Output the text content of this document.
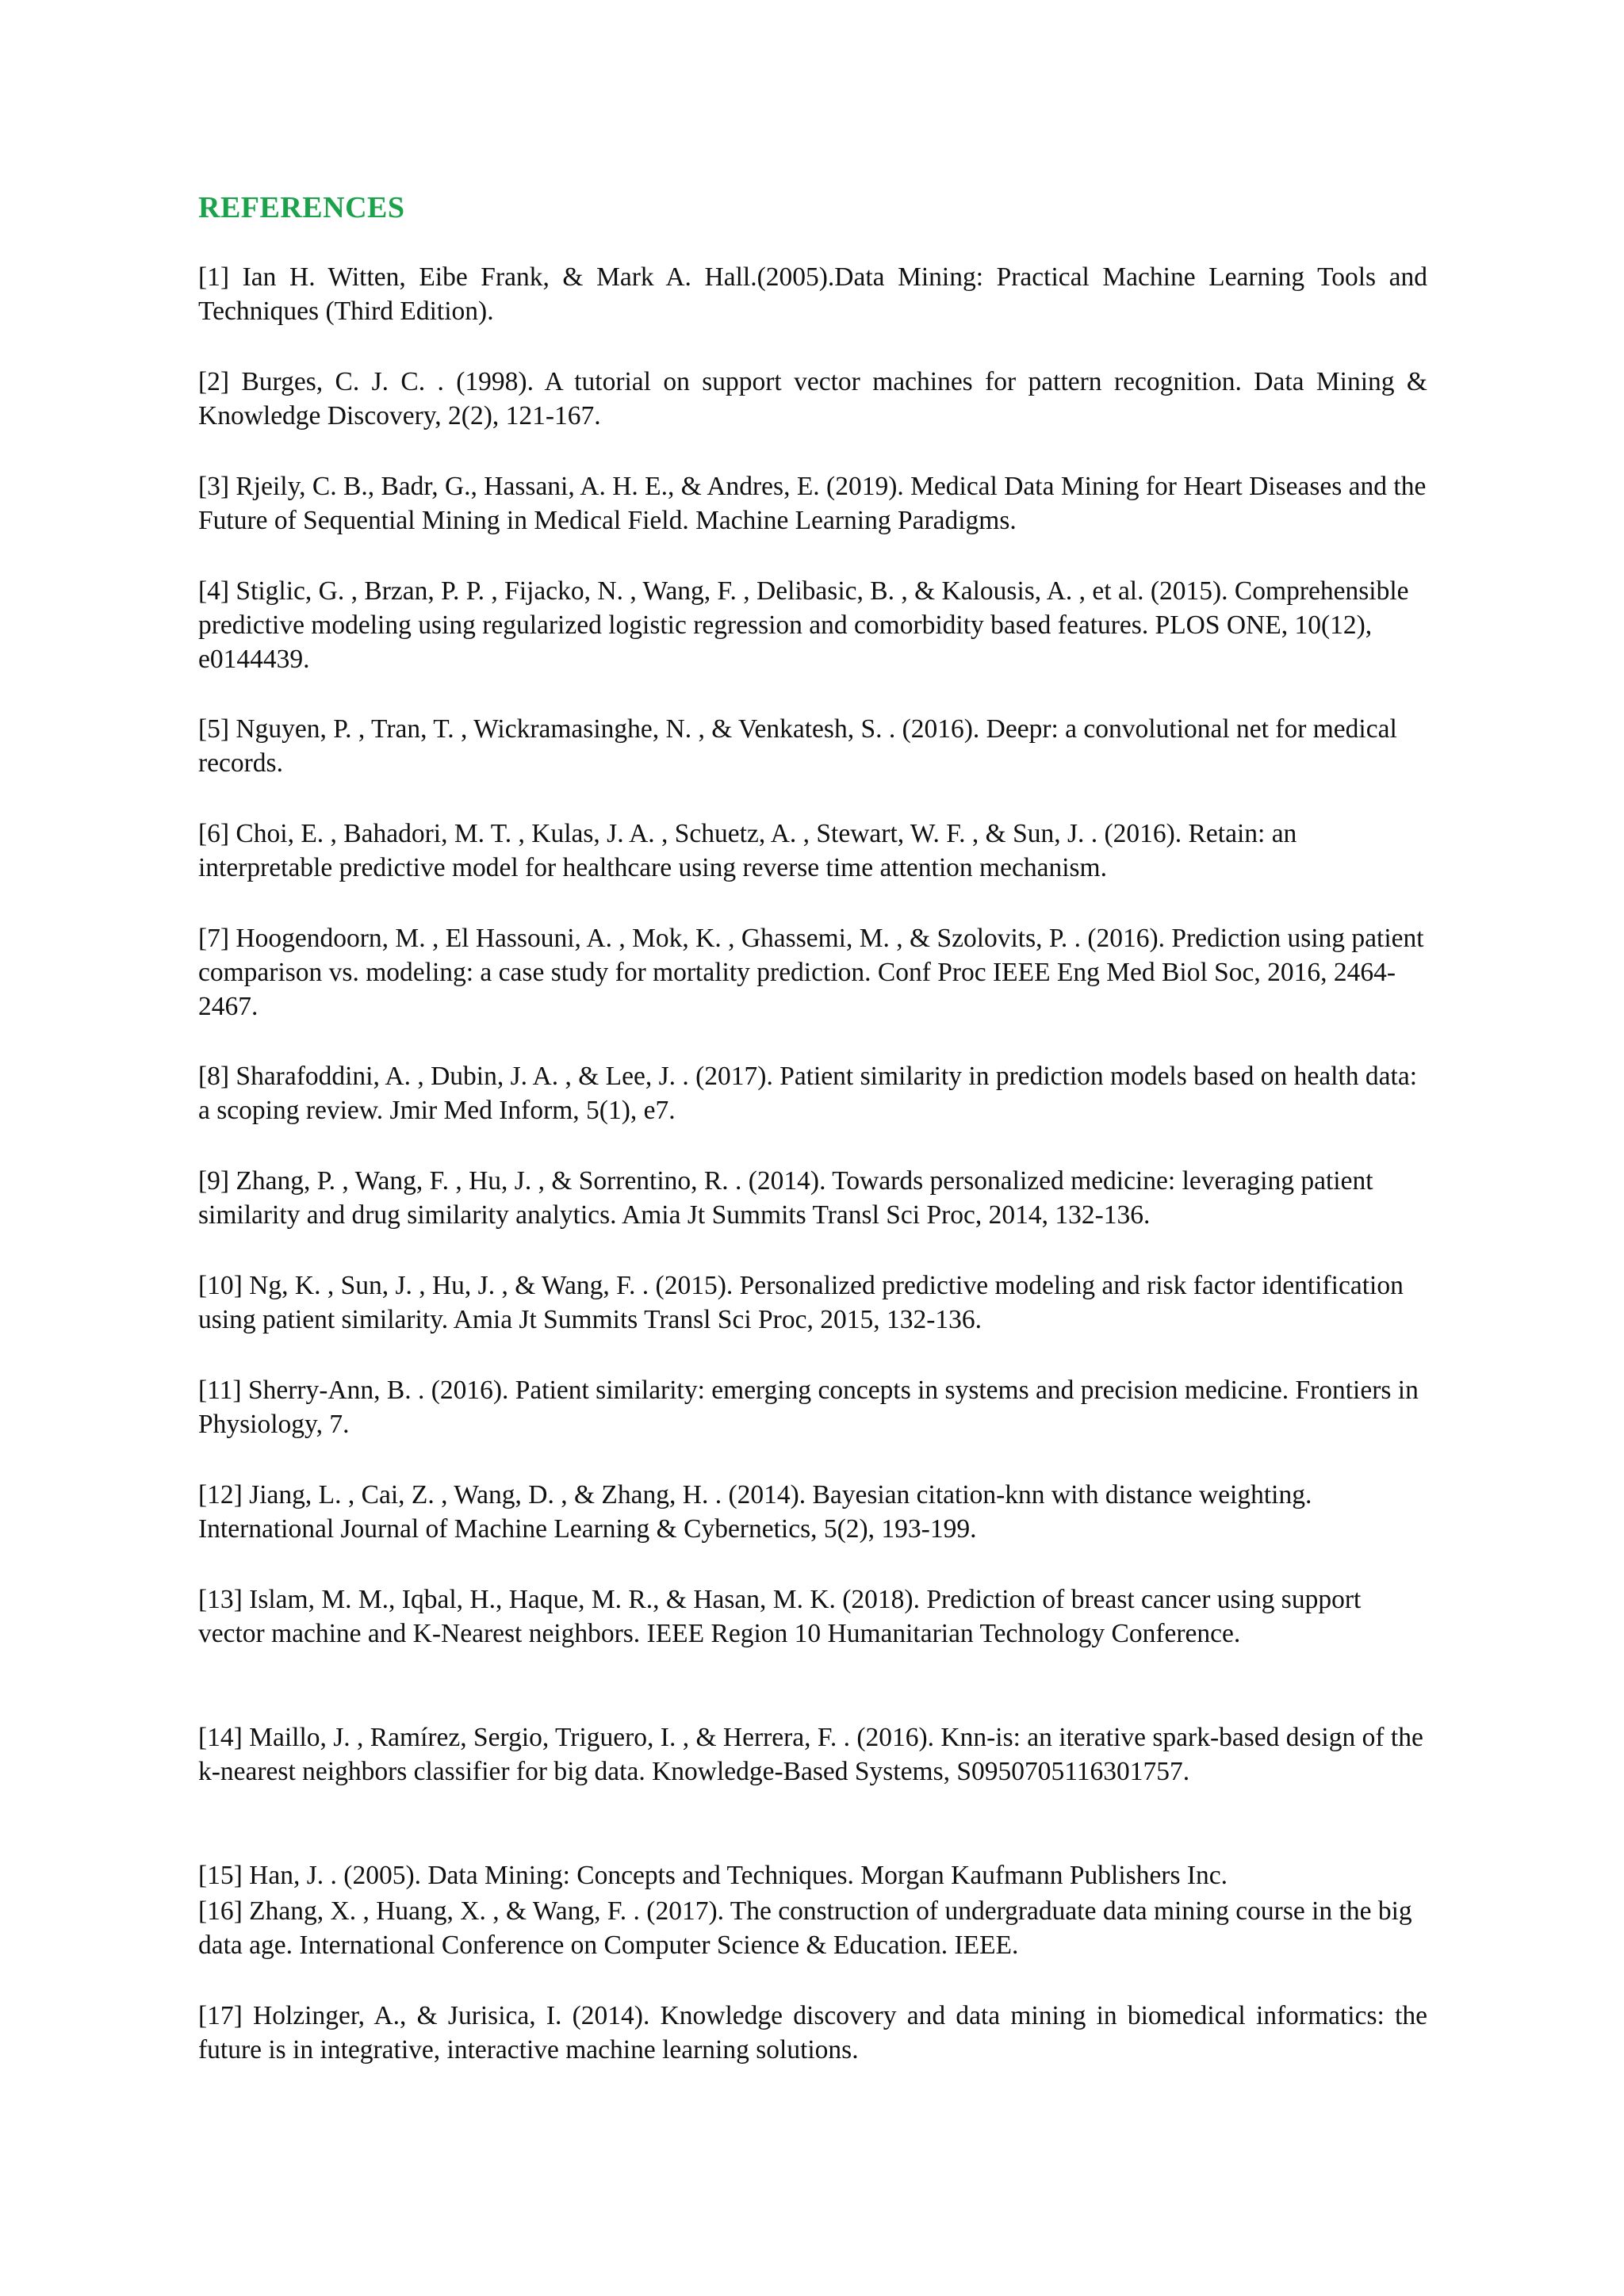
REFERENCES

[1] Ian H. Witten, Eibe Frank, & Mark A. Hall.(2005).Data Mining: Practical Machine Learning Tools and Techniques (Third Edition).

[2] Burges, C. J. C. . (1998). A tutorial on support vector machines for pattern recognition. Data Mining & Knowledge Discovery, 2(2), 121-167.

[3] Rjeily, C. B., Badr, G., Hassani, A. H. E., & Andres, E. (2019). Medical Data Mining for Heart Diseases and the Future of Sequential Mining in Medical Field. Machine Learning Paradigms.

[4] Stiglic, G. , Brzan, P. P. , Fijacko, N. , Wang, F. , Delibasic, B. , & Kalousis, A. , et al. (2015). Comprehensible predictive modeling using regularized logistic regression and comorbidity based features. PLOS ONE, 10(12), e0144439.

[5] Nguyen, P. , Tran, T. , Wickramasinghe, N. , & Venkatesh, S. . (2016). Deepr: a convolutional net for medical records.

[6] Choi, E. , Bahadori, M. T. , Kulas, J. A. , Schuetz, A. , Stewart, W. F. , & Sun, J. . (2016). Retain: an interpretable predictive model for healthcare using reverse time attention mechanism.

[7] Hoogendoorn, M. , El Hassouni, A. , Mok, K. , Ghassemi, M. , & Szolovits, P. . (2016). Prediction using patient comparison vs. modeling: a case study for mortality prediction. Conf Proc IEEE Eng Med Biol Soc, 2016, 2464-2467.

[8] Sharafoddini, A. , Dubin, J. A. , & Lee, J. . (2017). Patient similarity in prediction models based on health data: a scoping review. Jmir Med Inform, 5(1), e7.

[9] Zhang, P. , Wang, F. , Hu, J. , & Sorrentino, R. . (2014). Towards personalized medicine: leveraging patient similarity and drug similarity analytics. Amia Jt Summits Transl Sci Proc, 2014, 132-136.

[10] Ng, K. , Sun, J. , Hu, J. , & Wang, F. . (2015). Personalized predictive modeling and risk factor identification using patient similarity. Amia Jt Summits Transl Sci Proc, 2015, 132-136.

[11] Sherry-Ann, B. . (2016). Patient similarity: emerging concepts in systems and precision medicine. Frontiers in Physiology, 7.

[12] Jiang, L. , Cai, Z. , Wang, D. , & Zhang, H. . (2014). Bayesian citation-knn with distance weighting. International Journal of Machine Learning & Cybernetics, 5(2), 193-199.

[13] Islam, M. M., Iqbal, H., Haque, M. R., & Hasan, M. K. (2018). Prediction of breast cancer using support vector machine and K-Nearest neighbors. IEEE Region 10 Humanitarian Technology Conference.

[14] Maillo, J. , Ramírez, Sergio, Triguero, I. , & Herrera, F. . (2016). Knn-is: an iterative spark-based design of the k-nearest neighbors classifier for big data. Knowledge-Based Systems, S0950705116301757.

[15] Han, J. . (2005). Data Mining: Concepts and Techniques. Morgan Kaufmann Publishers Inc.

[16] Zhang, X. , Huang, X. , & Wang, F. . (2017). The construction of undergraduate data mining course in the big data age. International Conference on Computer Science & Education. IEEE.

[17] Holzinger, A., & Jurisica, I. (2014). Knowledge discovery and data mining in biomedical informatics: the future is in integrative, interactive machine learning solutions.
